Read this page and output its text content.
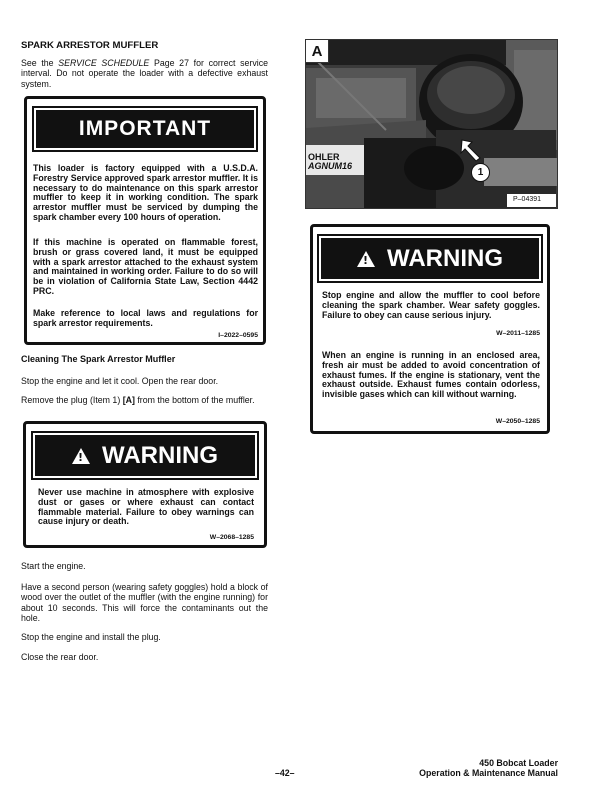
SPARK ARRESTOR MUFFLER
See the SERVICE SCHEDULE Page 27 for correct service interval. Do not operate the loader with a defective exhaust system.
IMPORTANT
This loader is factory equipped with a U.S.D.A. Forestry Service approved spark arrestor muffler. It is necessary to do maintenance on this spark arrestor muffler to keep it in working condition. The spark arrestor muffler must be serviced by dumping the spark chamber every 100 hours of operation.
If this machine is operated on flammable forest, brush or grass covered land, it must be equipped with a spark arrestor attached to the exhaust system and maintained in working order. Failure to do so will be in violation of California State Law, Section 4442 PRC.
Make reference to local laws and regulations for spark arrestor requirements.
I–2022–0595
Cleaning The Spark Arrestor Muffler
Stop the engine and let it cool. Open the rear door.
Remove the plug (Item 1) [A] from the bottom of the muffler.
!
WARNING
Never use machine in atmosphere with explosive dust or gases or where exhaust can contact flammable material. Failure to obey warnings can cause injury or death.
W–2068–1285
Start the engine.
Have a second person (wearing safety goggles) hold a block of wood over the outlet of the muffler (with the engine running) for about 10 seconds. This will force the contaminants out the hole.
Stop the engine and install the plug.
Close the rear door.
A
OHLER
AGNUM16
1
P–04391
!
WARNING
Stop engine and allow the muffler to cool before cleaning the spark chamber. Wear safety goggles. Failure to obey can cause serious injury.
W–2011–1285
When an engine is running in an enclosed area, fresh air must be added to avoid concentration of exhaust fumes. If the engine is stationary, vent the exhaust outside. Exhaust fumes contain odorless, invisible gases which can kill without warning.
W–2050–1285
–42–
450 Bobcat Loader
Operation & Maintenance Manual
